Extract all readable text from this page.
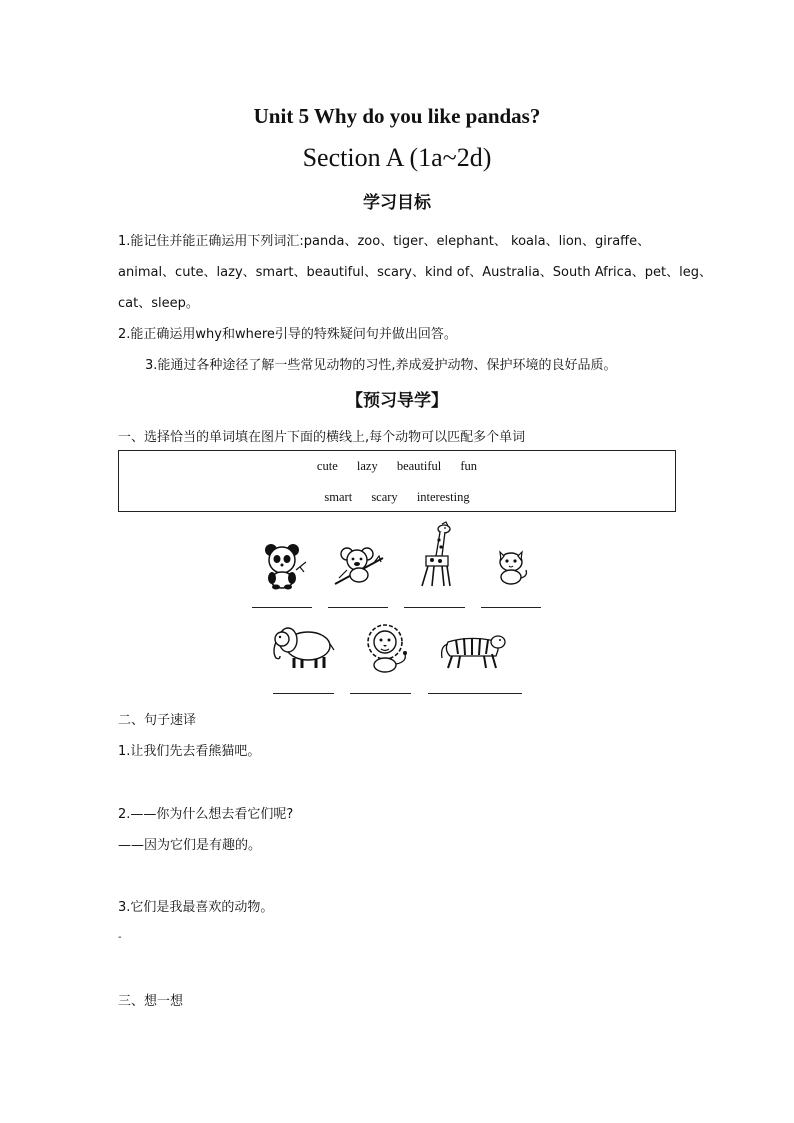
Unit 5 Why do you like pandas?
Section A (1a~2d)
学习目标
1.能记住并能正确运用下列词汇:panda、zoo、tiger、elephant、 koala、lion、giraffe、
animal、cute、lazy、smart、beautiful、scary、kind of、Australia、South Africa、pet、leg、
cat、sleep。
2.能正确运用why和where引导的特殊疑问句并做出回答。
3.能通过各种途径了解一些常见动物的习性,养成爱护动物、保护环境的良好品质。
【预习导学】
一、选择恰当的单词填在图片下面的横线上,每个动物可以匹配多个单词
cute lazy beautiful fun
smart scary interesting
二、句子速译
1.让我们先去看熊猫吧。
2.——你为什么想去看它们呢?
——因为它们是有趣的。
3.它们是我最喜欢的动物。
-
三、想一想
